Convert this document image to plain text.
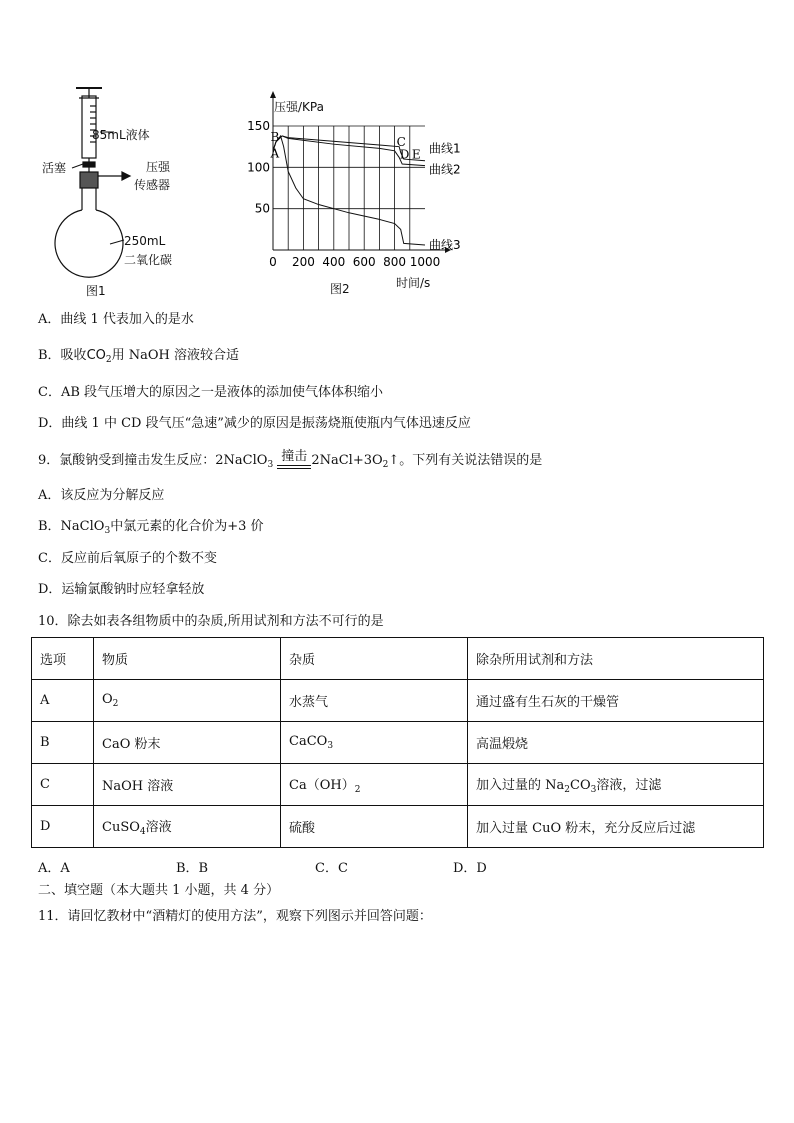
85mL液体
活塞	压强
传感器
250mL
二氧化碳
图1
0 200 400 600 800 1000
50
100
150
曲线1
曲线2
曲线3
A
B	C
D E
压强/KPa
时间/s
图2
A．曲线 1 代表加入的是水
B．吸收$CO_2$用 NaOH 溶液较合适
C．AB 段气压增大的原因之一是液体的添加使气体体积缩小
D．曲线 1 中 CD 段气压“急速”减少的原因是振荡烧瓶使瓶内气体迅速反应
9．氯酸钠受到撞击发生反应：2NaClO$_3$ 撞击 $2NaCl+3O_2↑$。下列有关说法错误的是
A．该反应为分解反应
B．NaClO$_3$中氯元素的化合价为+3 价
C．反应前后氧原子的个数不变
D．运输氯酸钠时应轻拿轻放
10．除去如表各组物质中的杂质,所用试剂和方法不可行的是
选项	物质	杂质	除杂所用试剂和方法
A	$O_2$	水蒸气	通过盛有生石灰的干燥管
B	CaO 粉末	CaCO$_3$	高温煅烧
C	NaOH 溶液	$Ca(OH)_2$	加入过量的 $Na_2CO_3$溶液，过滤
D	CuSO$_4$溶液	硫酸	加入过量 CuO 粉末，充分反应后过滤
A．A	B．B	C．C	D．D
二、填空题（本大题共 1 小题，共 4 分）
11．请回忆教材中“酒精灯的使用方法”，观察下列图示并回答问题：
